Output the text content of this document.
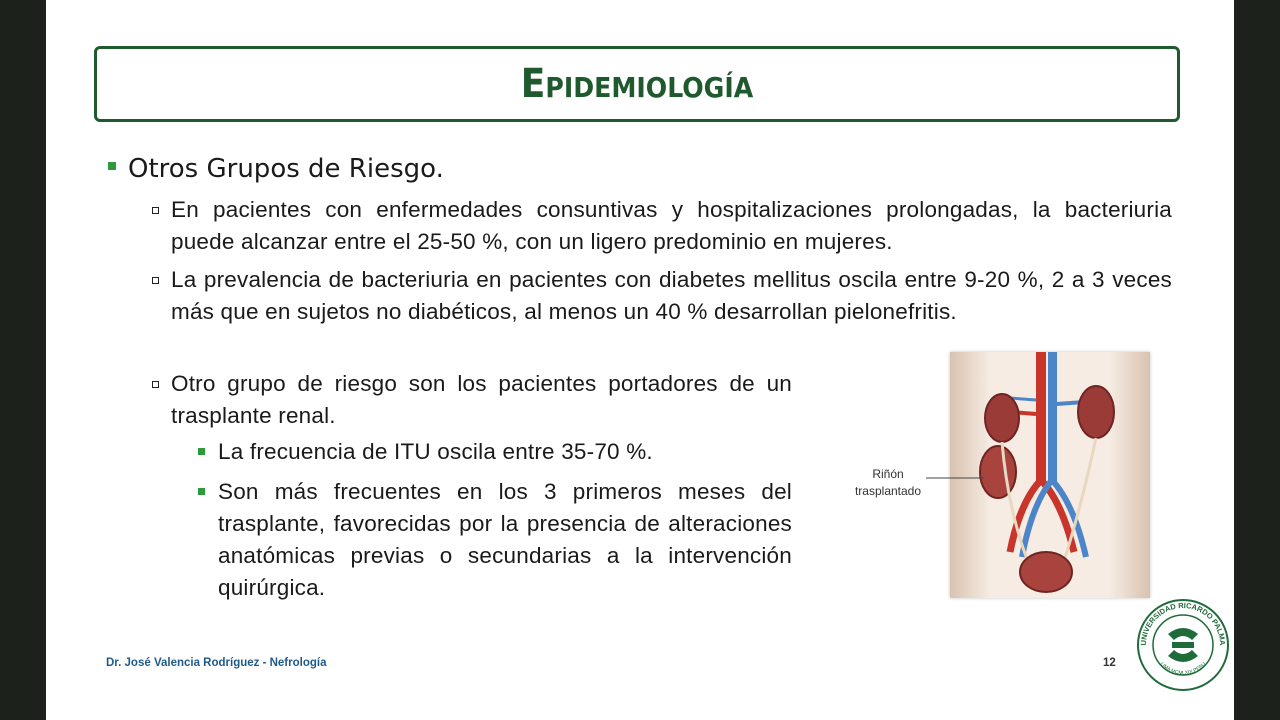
Epidemiología
Otros Grupos de Riesgo.
En pacientes con enfermedades consuntivas y hospitalizaciones prolongadas, la bacteriuria puede alcanzar entre el 25-50 %, con un ligero predominio en mujeres.
La prevalencia de bacteriuria en pacientes con diabetes mellitus oscila entre 9-20 %, 2 a 3 veces más que en sujetos no diabéticos, al menos un 40 % desarrollan pielonefritis.
Otro grupo de riesgo son los pacientes portadores de un trasplante renal.
La frecuencia de ITU oscila entre 35-70 %.
Son más frecuentes en los 3 primeros meses del trasplante, favorecidas por la presencia de alteraciones anatómicas previas o secundarias a la intervención quirúrgica.
Riñón
trasplantado
Dr. José Valencia Rodríguez - Nefrología	12
UNIVERSIDAD RICARDO PALMA
LIMA MCMLXIX PERU
